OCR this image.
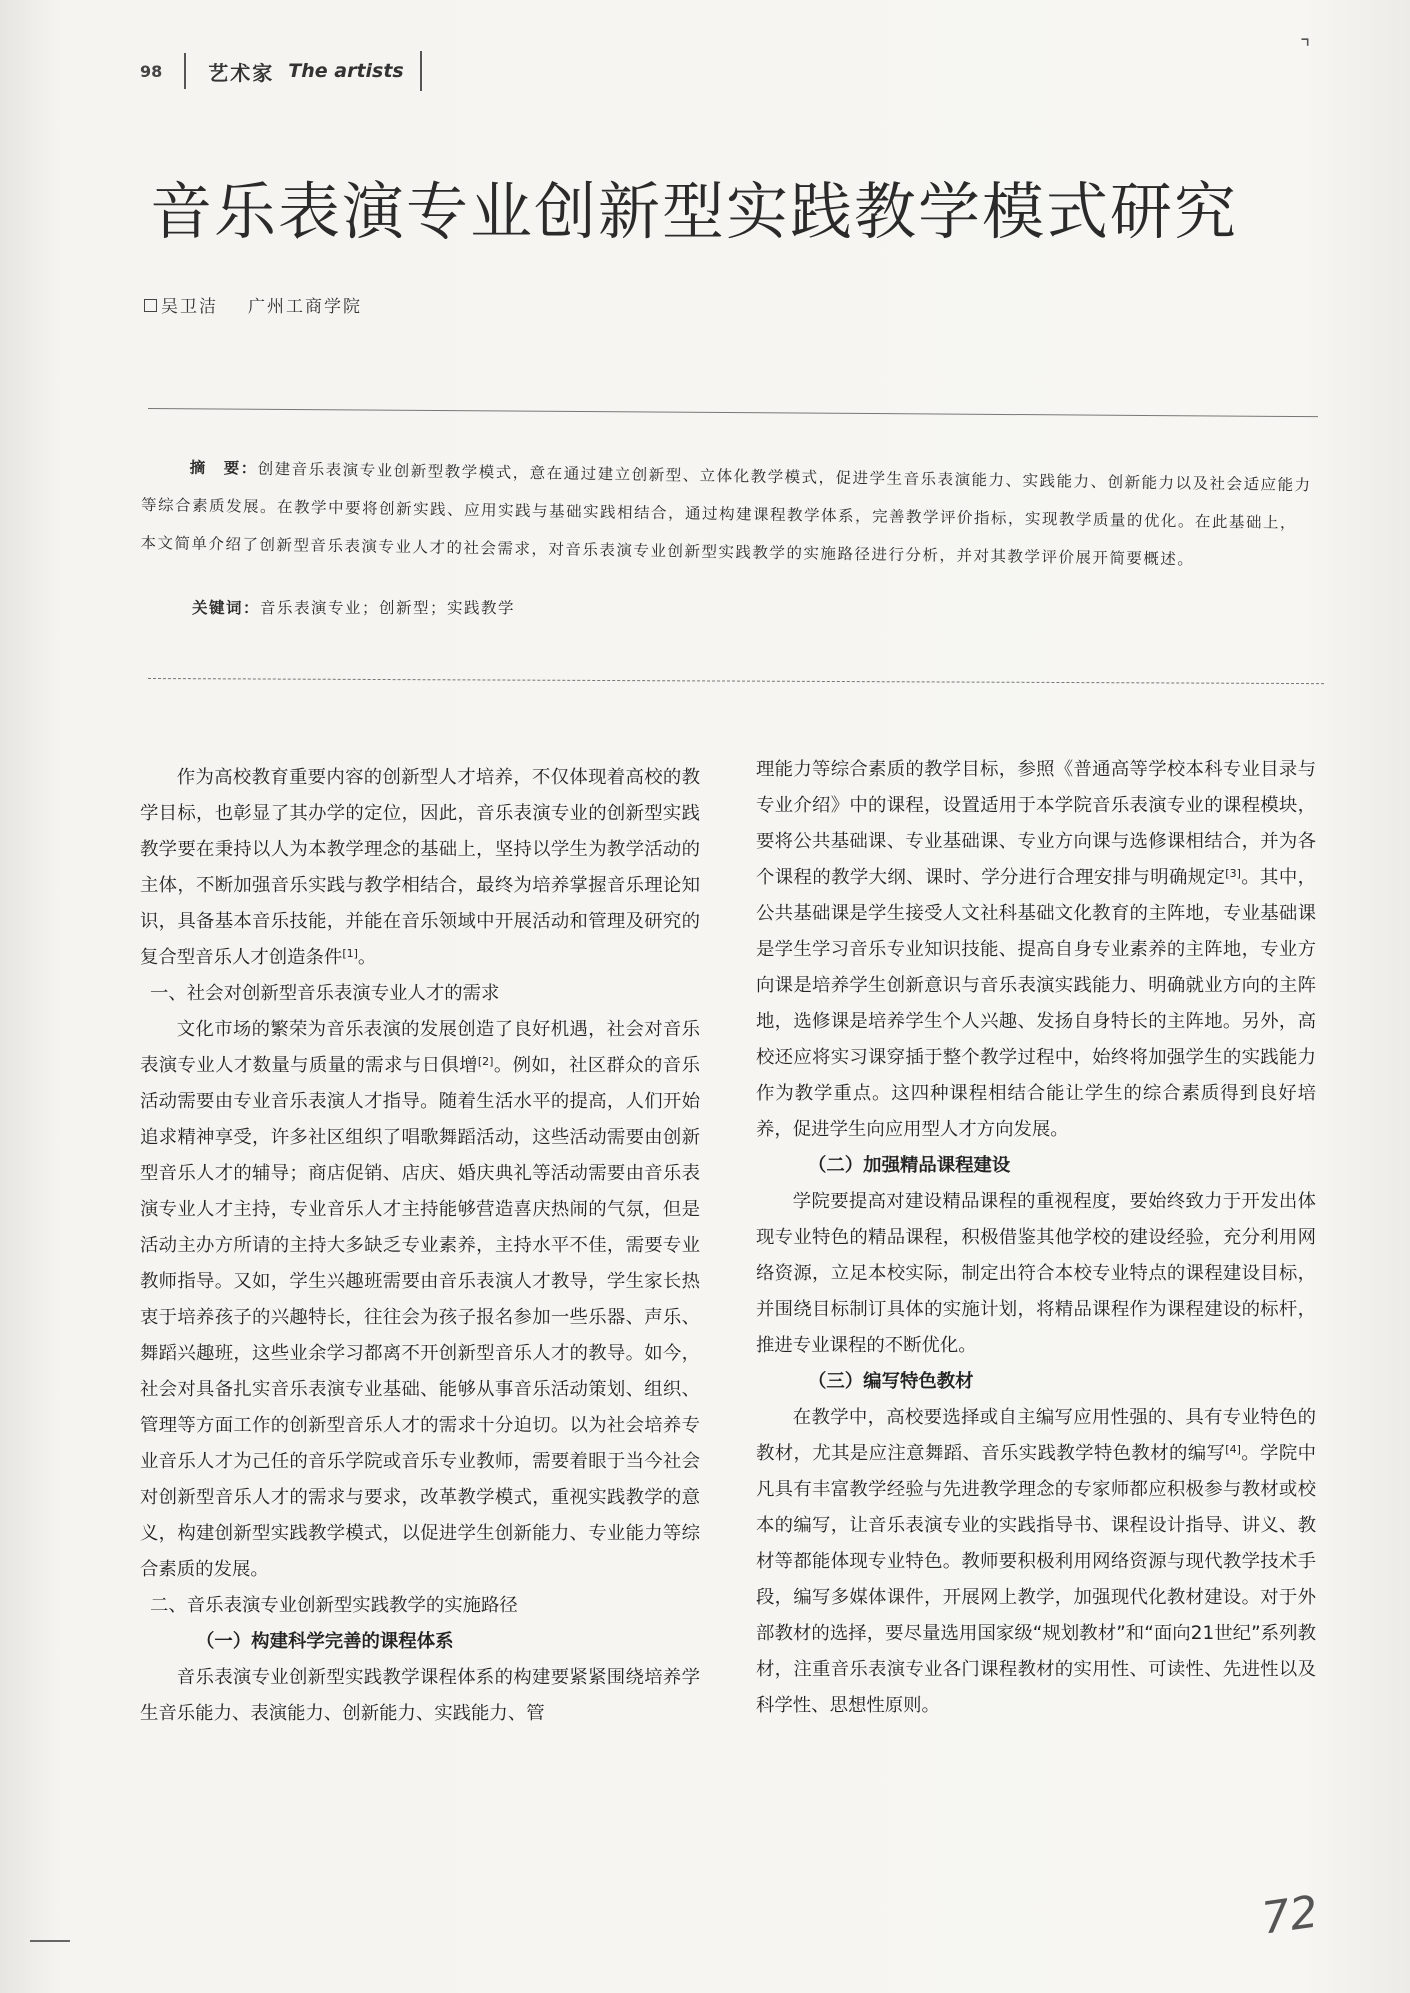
98 艺术家 The artists
⌝
音乐表演专业创新型实践教学模式研究
吴卫洁 广州工商学院
摘　要：创建音乐表演专业创新型教学模式，意在通过建立创新型、立体化教学模式，促进学生音乐表演能力、实践能力、创新能力以及社会适应能力等综合素质发展。在教学中要将创新实践、应用实践与基础实践相结合，通过构建课程教学体系，完善教学评价指标，实现教学质量的优化。在此基础上，本文简单介绍了创新型音乐表演专业人才的社会需求，对音乐表演专业创新型实践教学的实施路径进行分析，并对其教学评价展开简要概述。
关键词：音乐表演专业；创新型；实践教学

作为高校教育重要内容的创新型人才培养，不仅体现着高校的教学目标，也彰显了其办学的定位，因此，音乐表演专业的创新型实践教学要在秉持以人为本教学理念的基础上，坚持以学生为教学活动的主体，不断加强音乐实践与教学相结合，最终为培养掌握音乐理论知识，具备基本音乐技能，并能在音乐领域中开展活动和管理及研究的复合型音乐人才创造条件[1]。

一、社会对创新型音乐表演专业人才的需求

文化市场的繁荣为音乐表演的发展创造了良好机遇，社会对音乐表演专业人才数量与质量的需求与日俱增[2]。例如，社区群众的音乐活动需要由专业音乐表演人才指导。随着生活水平的提高，人们开始追求精神享受，许多社区组织了唱歌舞蹈活动，这些活动需要由创新型音乐人才的辅导；商店促销、店庆、婚庆典礼等活动需要由音乐表演专业人才主持，专业音乐人才主持能够营造喜庆热闹的气氛，但是活动主办方所请的主持大多缺乏专业素养，主持水平不佳，需要专业教师指导。又如，学生兴趣班需要由音乐表演人才教导，学生家长热衷于培养孩子的兴趣特长，往往会为孩子报名参加一些乐器、声乐、舞蹈兴趣班，这些业余学习都离不开创新型音乐人才的教导。如今，社会对具备扎实音乐表演专业基础、能够从事音乐活动策划、组织、管理等方面工作的创新型音乐人才的需求十分迫切。以为社会培养专业音乐人才为己任的音乐学院或音乐专业教师，需要着眼于当今社会对创新型音乐人才的需求与要求，改革教学模式，重视实践教学的意义，构建创新型实践教学模式，以促进学生创新能力、专业能力等综合素质的发展。

二、音乐表演专业创新型实践教学的实施路径

（一）构建科学完善的课程体系

音乐表演专业创新型实践教学课程体系的构建要紧紧围绕培养学生音乐能力、表演能力、创新能力、实践能力、管

理能力等综合素质的教学目标，参照《普通高等学校本科专业目录与专业介绍》中的课程，设置适用于本学院音乐表演专业的课程模块，要将公共基础课、专业基础课、专业方向课与选修课相结合，并为各个课程的教学大纲、课时、学分进行合理安排与明确规定[3]。其中，公共基础课是学生接受人文社科基础文化教育的主阵地，专业基础课是学生学习音乐专业知识技能、提高自身专业素养的主阵地，专业方向课是培养学生创新意识与音乐表演实践能力、明确就业方向的主阵地，选修课是培养学生个人兴趣、发扬自身特长的主阵地。另外，高校还应将实习课穿插于整个教学过程中，始终将加强学生的实践能力作为教学重点。这四种课程相结合能让学生的综合素质得到良好培养，促进学生向应用型人才方向发展。

（二）加强精品课程建设

学院要提高对建设精品课程的重视程度，要始终致力于开发出体现专业特色的精品课程，积极借鉴其他学校的建设经验，充分利用网络资源，立足本校实际，制定出符合本校专业特点的课程建设目标，并围绕目标制订具体的实施计划，将精品课程作为课程建设的标杆，推进专业课程的不断优化。

（三）编写特色教材

在教学中，高校要选择或自主编写应用性强的、具有专业特色的教材，尤其是应注意舞蹈、音乐实践教学特色教材的编写[4]。学院中凡具有丰富教学经验与先进教学理念的专家师都应积极参与教材或校本的编写，让音乐表演专业的实践指导书、课程设计指导、讲义、教材等都能体现专业特色。教师要积极利用网络资源与现代教学技术手段，编写多媒体课件，开展网上教学，加强现代化教材建设。对于外部教材的选择，要尽量选用国家级“规划教材”和“面向21世纪”系列教材，注重音乐表演专业各门课程教材的实用性、可读性、先进性以及科学性、思想性原则。

72
